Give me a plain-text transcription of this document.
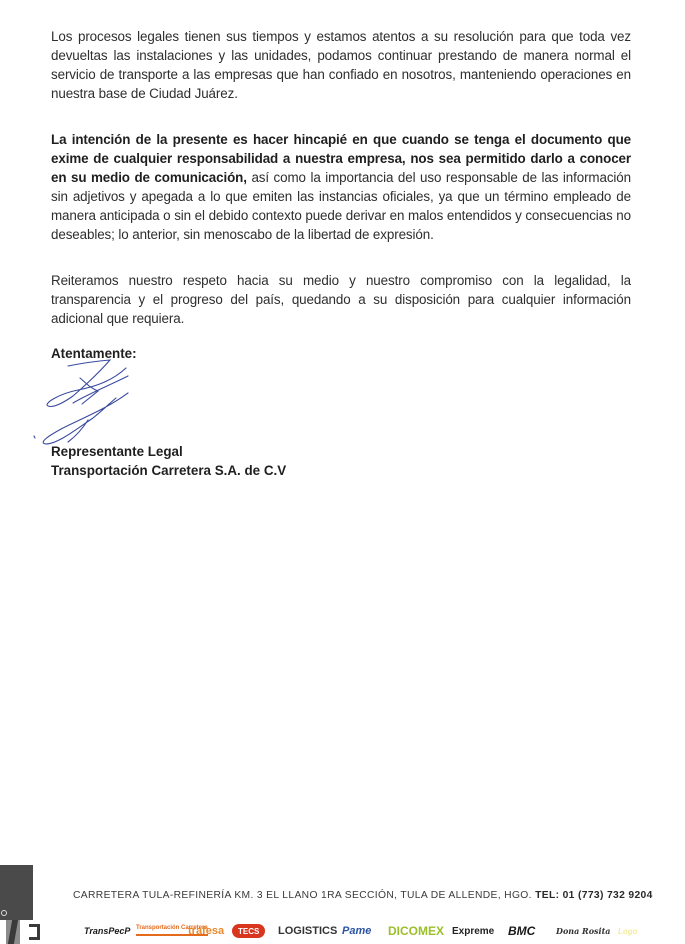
Los procesos legales tienen sus tiempos y estamos atentos a su resolución para que toda vez devueltas las instalaciones y las unidades, podamos continuar prestando de manera normal el servicio de transporte a las empresas que han confiado en nosotros, manteniendo operaciones en nuestra base de Ciudad Juárez.
La intención de la presente es hacer hincapié en que cuando se tenga el documento que exime de cualquier responsabilidad a nuestra empresa, nos sea permitido darlo a conocer en su medio de comunicación, así como la importancia del uso responsable de las información sin adjetivos y apegada a lo que emiten las instancias oficiales, ya que un término empleado de manera anticipada o sin el debido contexto puede derivar en malos entendidos y consecuencias no deseables; lo anterior, sin menoscabo de la libertad de expresión.
Reiteramos nuestro respeto hacia su medio y nuestro compromiso con la legalidad, la transparencia y el progreso del país, quedando a su disposición para cualquier información adicional que requiera.
Atentamente:
Representante Legal
Transportación Carretera S.A. de C.V
CARRETERA TULA-REFINERÍA KM. 3 EL LLANO 1RA SECCIÓN, TULA DE ALLENDE, HGO. TEL: 01 (773) 732 9204
TransPecP Transportación Carretera
trafesa TECS LOGISTICS Pame DICOMEX Expreme BMC	Dona Rosita Logo
